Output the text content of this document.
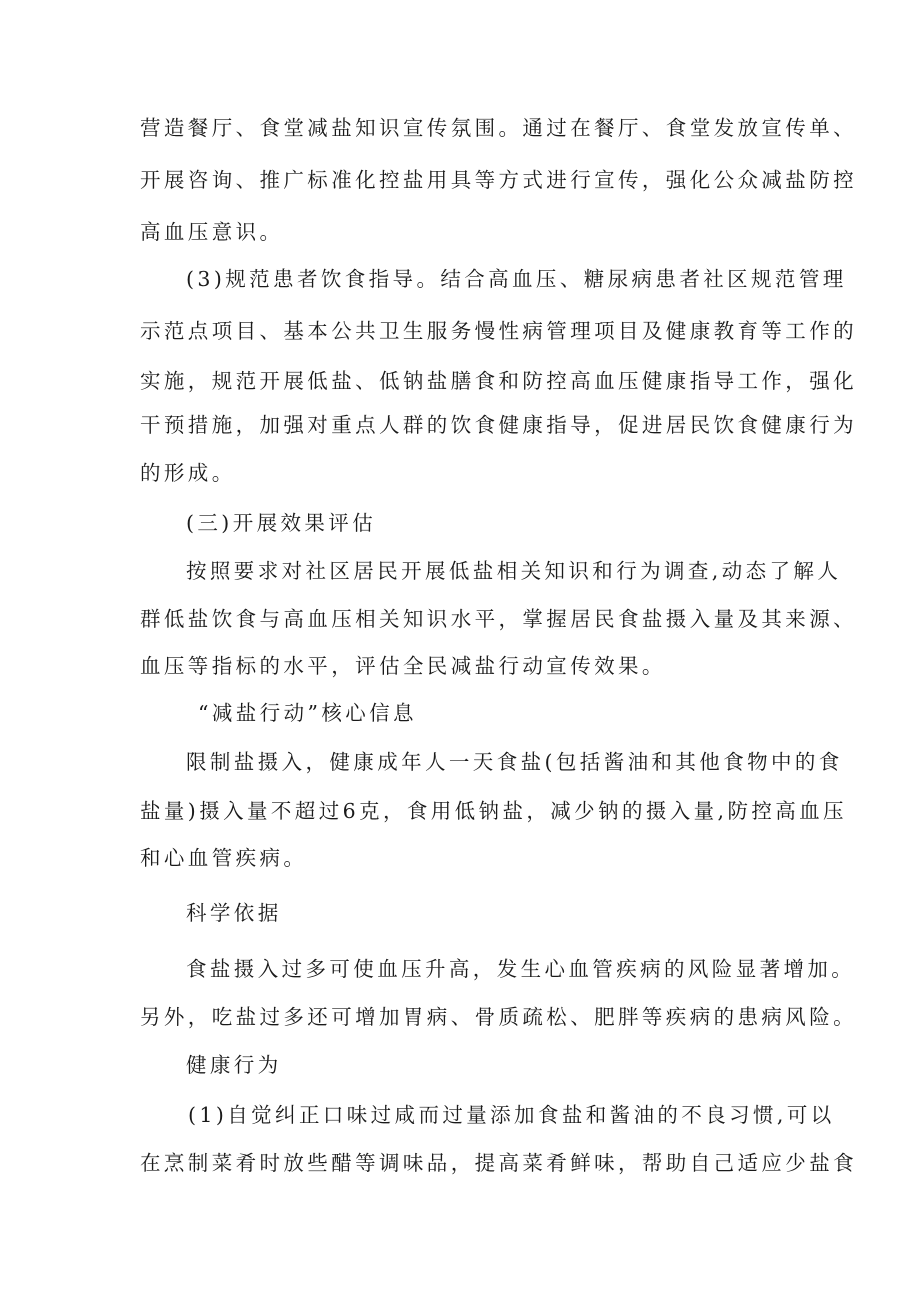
营造餐厅、食堂减盐知识宣传氛围。通过在餐厅、食堂发放宣传单、
开展咨询、推广标准化控盐用具等方式进行宣传，强化公众减盐防控
高血压意识。
(3)规范患者饮食指导。结合高血压、糖尿病患者社区规范管理
示范点项目、基本公共卫生服务慢性病管理项目及健康教育等工作的
实施，规范开展低盐、低钠盐膳食和防控高血压健康指导工作，强化
干预措施，加强对重点人群的饮食健康指导，促进居民饮食健康行为
的形成。
(三)开展效果评估
按照要求对社区居民开展低盐相关知识和行为调查,动态了解人
群低盐饮食与高血压相关知识水平，掌握居民食盐摄入量及其来源、
血压等指标的水平，评估全民减盐行动宣传效果。
“减盐行动”核心信息
限制盐摄入，健康成年人一天食盐(包括酱油和其他食物中的食
盐量)摄入量不超过6克，食用低钠盐，减少钠的摄入量,防控高血压
和心血管疾病。
科学依据
食盐摄入过多可使血压升高，发生心血管疾病的风险显著增加。
另外，吃盐过多还可增加胃病、骨质疏松、肥胖等疾病的患病风险。
健康行为
(1)自觉纠正口味过咸而过量添加食盐和酱油的不良习惯,可以
在烹制菜肴时放些醋等调味品，提高菜肴鲜味，帮助自己适应少盐食
